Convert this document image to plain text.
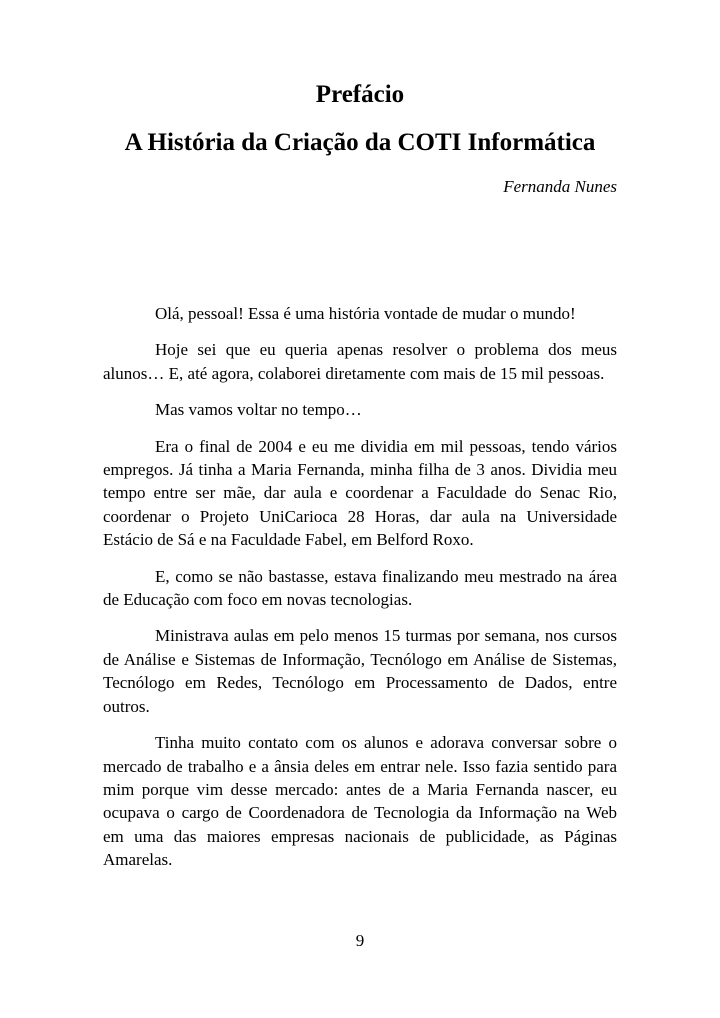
Prefácio
A História da Criação da COTI Informática

Fernanda Nunes

Olá, pessoal! Essa é uma história vontade de mudar o mundo!

Hoje sei que eu queria apenas resolver o problema dos meus alunos… E, até agora, colaborei diretamente com mais de 15 mil pessoas.

Mas vamos voltar no tempo…

Era o final de 2004 e eu me dividia em mil pessoas, tendo vários empregos. Já tinha a Maria Fernanda, minha filha de 3 anos. Dividia meu tempo entre ser mãe, dar aula e coordenar a Faculdade do Senac Rio, coordenar o Projeto UniCarioca 28 Horas, dar aula na Universidade Estácio de Sá e na Faculdade Fabel, em Belford Roxo.

E, como se não bastasse, estava finalizando meu mestrado na área de Educação com foco em novas tecnologias.

Ministrava aulas em pelo menos 15 turmas por semana, nos cursos de Análise e Sistemas de Informação, Tecnólogo em Análise de Sistemas, Tecnólogo em Redes, Tecnólogo em Processamento de Dados, entre outros.

Tinha muito contato com os alunos e adorava conversar sobre o mercado de trabalho e a ânsia deles em entrar nele. Isso fazia sentido para mim porque vim desse mercado: antes de a Maria Fernanda nascer, eu ocupava o cargo de Coordenadora de Tecnologia da Informação na Web em uma das maiores empresas nacionais de publicidade, as Páginas Amarelas.

9
